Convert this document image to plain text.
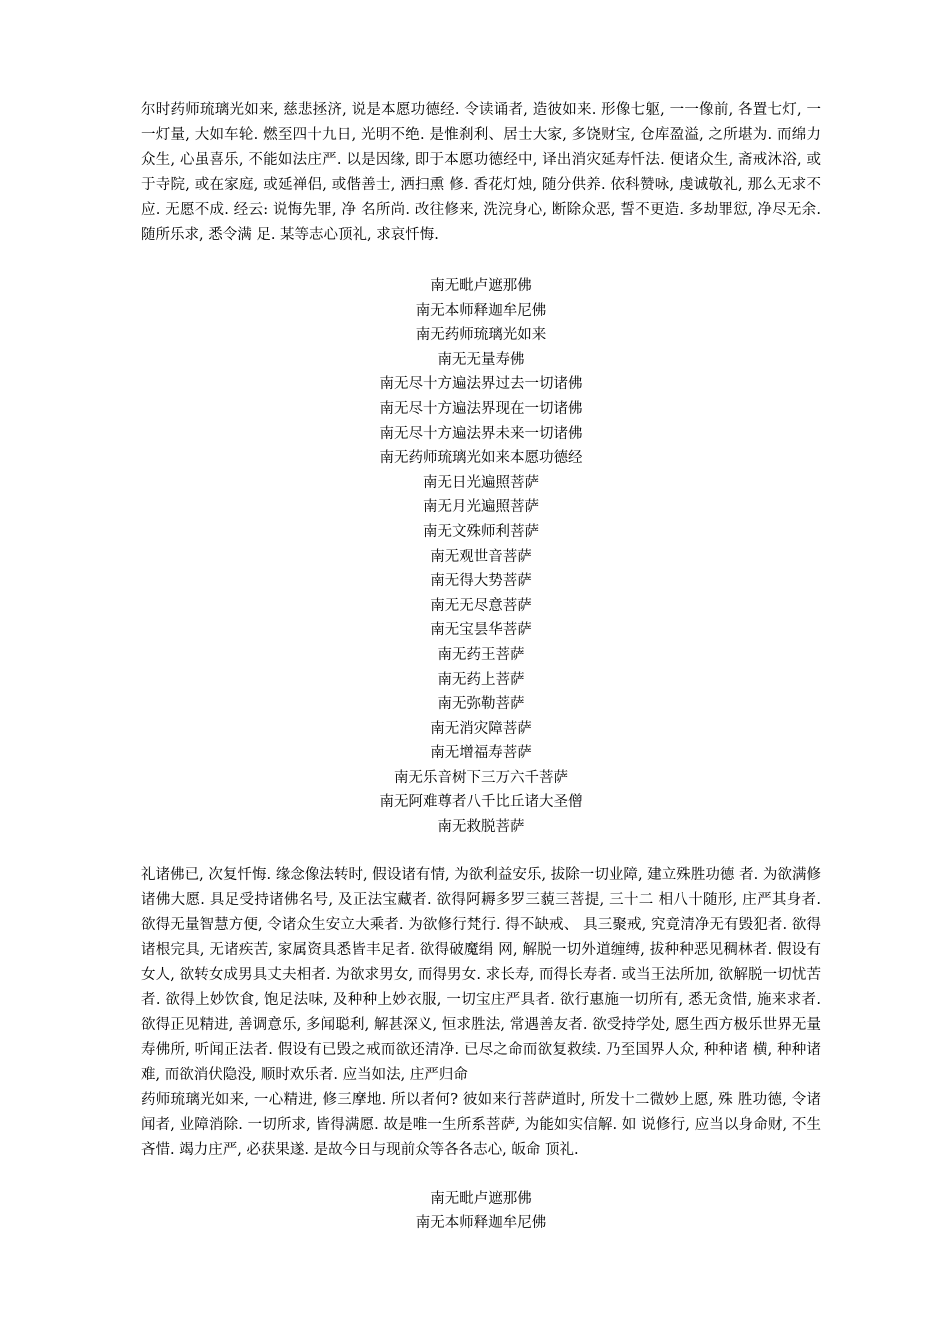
尔时药师琉璃光如来, 慈悲拯济, 说是本愿功德经. 令读诵者, 造彼如来. 形像七躯, 一一像前, 各置七灯, 一一灯量, 大如车轮. 燃至四十九日, 光明不绝. 是惟刹利、居士大家, 多饶财宝, 仓库盈溢, 之所堪为. 而绵力众生, 心虽喜乐, 不能如法庄严. 以是因缘, 即于本愿功德经中, 译出消灾延寿忏法. 便诸众生, 斋戒沐浴, 或于寺院, 或在家庭, 或延禅侣, 或偕善士, 洒扫熏 修. 香花灯烛, 随分供养. 依科赞咏, 虔诚敬礼, 那么无求不应. 无愿不成. 经云: 说悔先罪, 净 名所尚. 改往修来, 洗浣身心, 断除众恶, 誓不更造. 多劫罪愆, 净尽无余. 随所乐求, 悉令满 足. 某等志心顶礼, 求哀忏悔.

南无毗卢遮那佛
南无本师释迦牟尼佛
南无药师琉璃光如来
南无无量寿佛
南无尽十方遍法界过去一切诸佛
南无尽十方遍法界现在一切诸佛
南无尽十方遍法界未来一切诸佛
南无药师琉璃光如来本愿功德经
南无日光遍照菩萨
南无月光遍照菩萨
南无文殊师利菩萨
南无观世音菩萨
南无得大势菩萨
南无无尽意菩萨
南无宝昙华菩萨
南无药王菩萨
南无药上菩萨
南无弥勒菩萨
南无消灾障菩萨
南无增福寿菩萨
南无乐音树下三万六千菩萨
南无阿难尊者八千比丘诸大圣僧
南无救脱菩萨

礼诸佛已, 次复忏悔. 缘念像法转时, 假设诸有情, 为欲利益安乐, 拔除一切业障, 建立殊胜功德 者. 为欲满修诸佛大愿. 具足受持诸佛名号, 及正法宝藏者. 欲得阿耨多罗三藐三菩提, 三十二 相八十随形, 庄严其身者. 欲得无量智慧方便, 令诸众生安立大乘者. 为欲修行梵行. 得不缺戒、 具三聚戒, 究竟清净无有毁犯者. 欲得诸根完具, 无诸疾苦, 家属资具悉皆丰足者. 欲得破魔绢 网, 解脱一切外道缠缚, 拔种种恶见稠林者. 假设有女人, 欲转女成男具丈夫相者. 为欲求男女, 而得男女. 求长寿, 而得长寿者. 或当王法所加, 欲解脱一切忧苦者. 欲得上妙饮食, 饱足法味, 及种种上妙衣服, 一切宝庄严具者. 欲行惠施一切所有, 悉无贪惜, 施来求者. 欲得正见精进, 善调意乐, 多闻聪利, 解甚深义, 恒求胜法, 常遇善友者. 欲受持学处, 愿生西方极乐世界无量 寿佛所, 听闻正法者. 假设有已毁之戒而欲还清净. 已尽之命而欲复救续. 乃至国界人众, 种种诸 横, 种种诸难, 而欲消伏隐没, 顺时欢乐者. 应当如法, 庄严归命

药师琉璃光如来, 一心精进, 修三摩地. 所以者何? 彼如来行菩萨道时, 所发十二微妙上愿, 殊 胜功德, 令诸闻者, 业障消除. 一切所求, 皆得满愿. 故是唯一生所系菩萨, 为能如实信解. 如 说修行, 应当以身命财, 不生吝惜. 竭力庄严, 必获果遂. 是故今日与现前众等各各志心, 皈命 顶礼.

南无毗卢遮那佛
南无本师释迦牟尼佛
